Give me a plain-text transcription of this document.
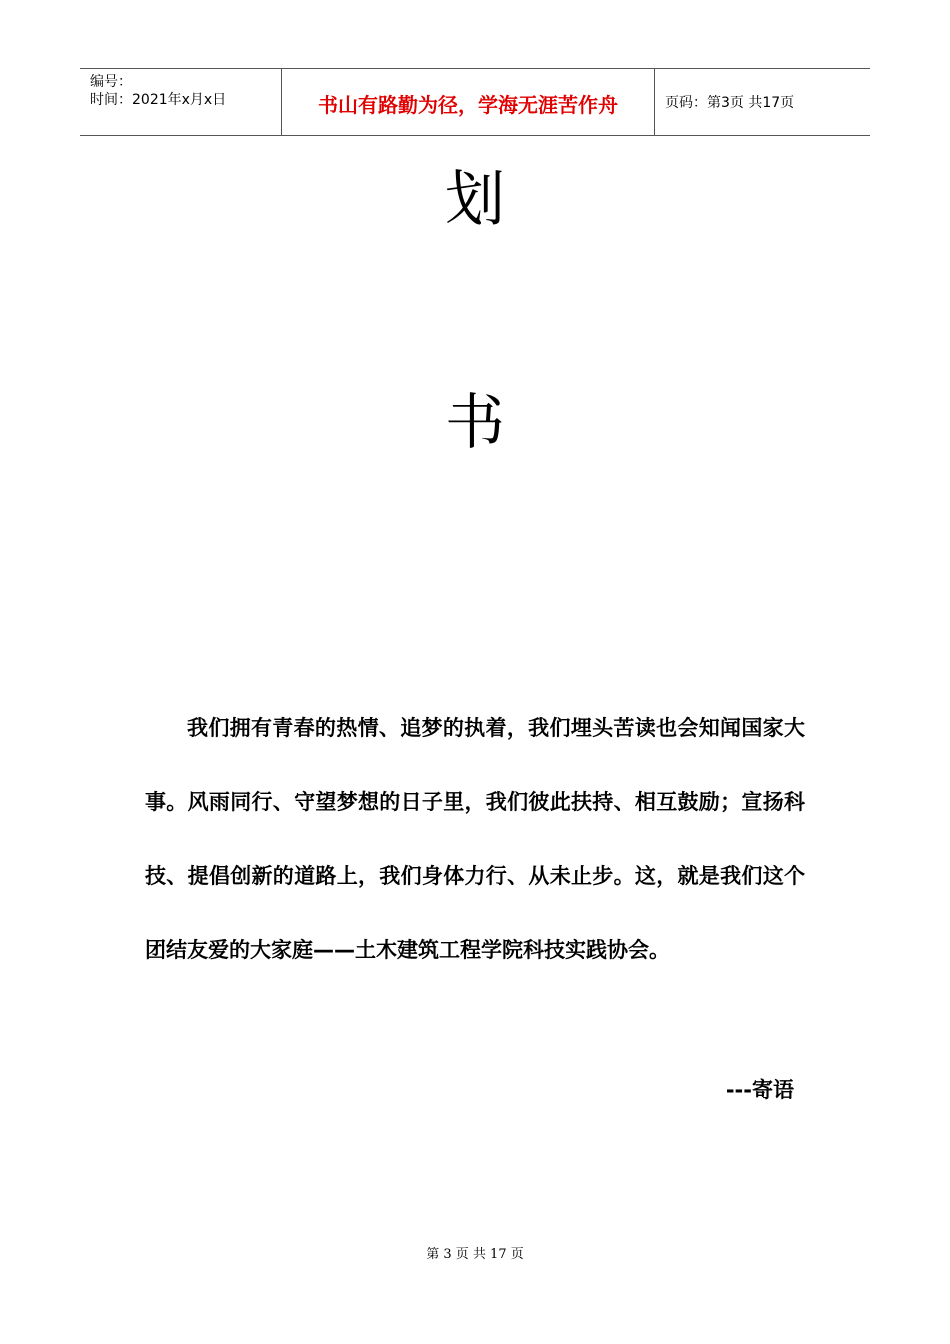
编号：
时间：2021年x月x日	书山有路勤为径，学海无涯苦作舟	页码：第3页 共17页
划
书
我们拥有青春的热情、追梦的执着，我们埋头苦读也会知闻国家大事。风雨同行、守望梦想的日子里，我们彼此扶持、相互鼓励；宣扬科技、提倡创新的道路上，我们身体力行、从未止步。这，就是我们这个团结友爱的大家庭——土木建筑工程学院科技实践协会。
---寄语
第 3 页 共 17 页
